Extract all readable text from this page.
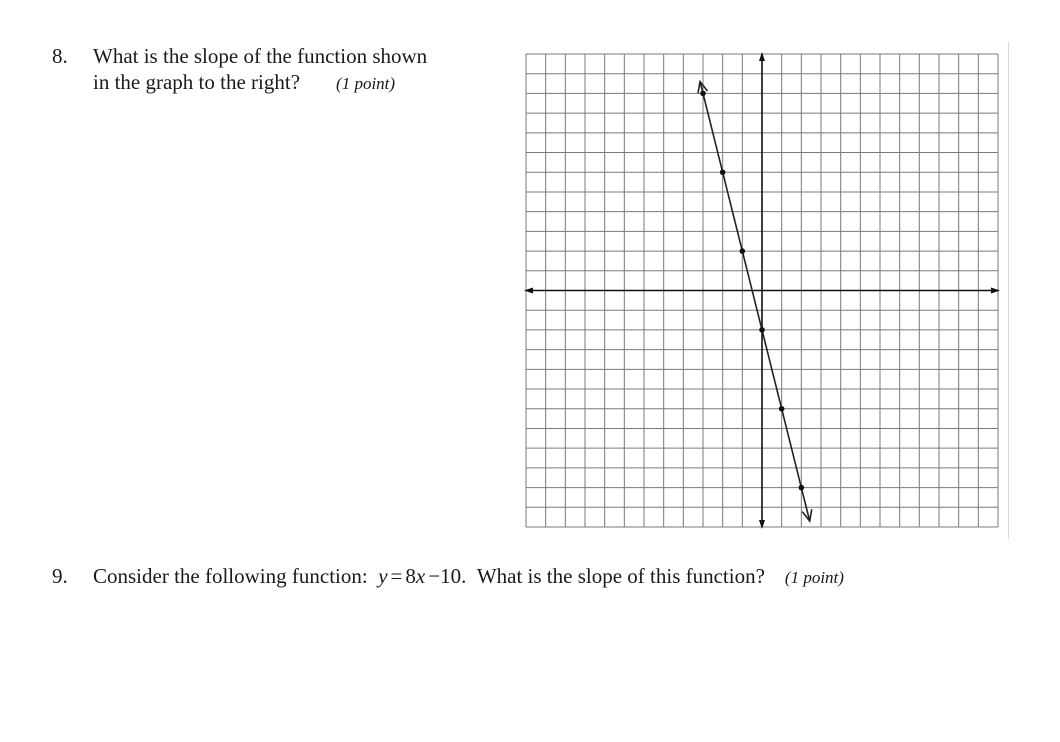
8. What is the slope of the function shown
in the graph to the right? (1 point)
9. Consider the following function: y = 8x −10. What is the slope of this function? (1 point)
